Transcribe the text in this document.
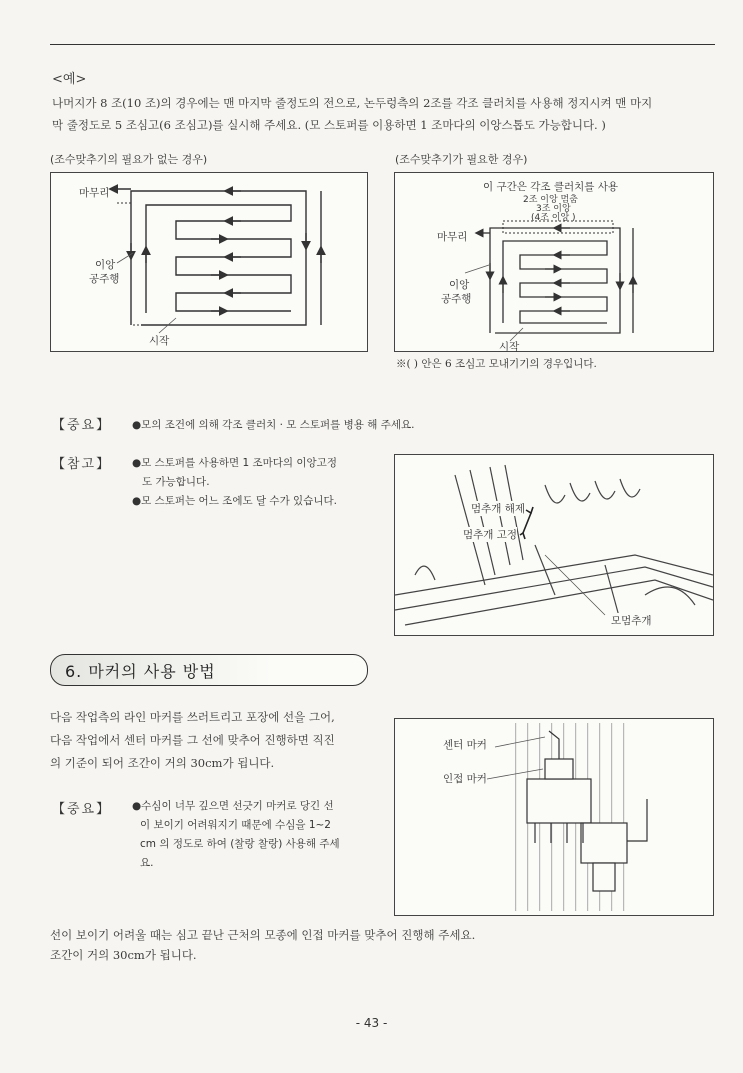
<예>
나머지가 8 조(10 조)의 경우에는 맨 마지막 줄정도의 전으로, 논두렁측의 2조를 각조 클러치를 사용해 정지시켜 맨 마지
막 줄정도로 5 조심고(6 조심고)를 실시해 주세요. (모 스토퍼를 이용하면 1 조마다의 이앙스톱도 가능합니다. )
(조수맞추기의 필요가 없는 경우)
마무리
이앙
공주행
시작
(조수맞추기가 필요한 경우)
이 구간은 각조 클러치를 사용
2조 이앙 멈춤
3조 이앙
(4조 이앙 )
마무리
이앙
공주행
시작
※( ) 안은 6 조심고 모내기기의 경우입니다.
【중요】 ●모의 조건에 의해 각조 클러치 · 모 스토퍼를 병용 해 주세요.
【참고】 ●모 스토퍼를 사용하면 1 조마다의 이앙고정
도 가능합니다.
●모 스토퍼는 어느 조에도 달 수가 있습니다.
멈추개 해제
멈추개 고정
모멈추개
6. 마커의 사용 방법
다음 작업측의 라인 마커를 쓰러트리고 포장에 선을 그어,
다음 작업에서 센터 마커를 그 선에 맞추어 진행하면 직진
의 기준이 되어 조간이 거의 30cm가 됩니다.
센터 마커
인접 마커
【중요】 ●수심이 너무 깊으면 선긋기 마커로 당긴 선
이 보이기 어려워지기 때문에 수심을 1~2
cm 의 정도로 하여 (찰랑 찰랑) 사용해 주세
요.
선이 보이기 어려울 때는 심고 끝난 근처의 모종에 인접 마커를 맞추어 진행해 주세요.
조간이 거의 30cm가 됩니다.
- 43 -
